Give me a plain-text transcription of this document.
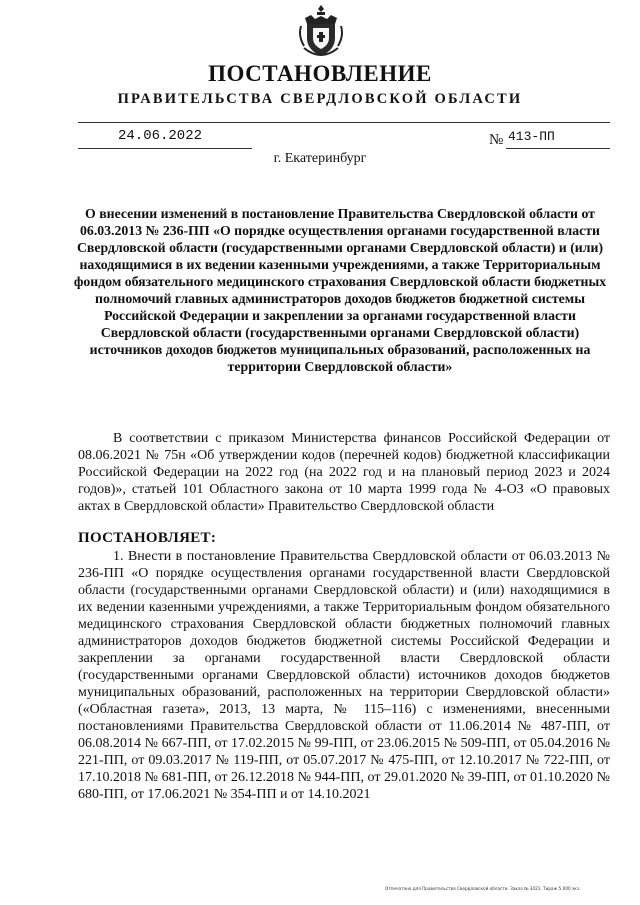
ПОСТАНОВЛЕНИЕ
ПРАВИТЕЛЬСТВА СВЕРДЛОВСКОЙ ОБЛАСТИ
24.06.2022	№ 413-ПП
г. Екатеринбург
О внесении изменений в постановление Правительства Свердловской области от 06.03.2013 № 236-ПП «О порядке осуществления органами государственной власти Свердловской области (государственными органами Свердловской области) и (или) находящимися в их ведении казенными учреждениями, а также Территориальным фондом обязательного медицинского страхования Свердловской области бюджетных полномочий главных администраторов доходов бюджетов бюджетной системы Российской Федерации и закреплении за органами государственной власти Свердловской области (государственными органами Свердловской области) источников доходов бюджетов муниципальных образований, расположенных на территории Свердловской области»
В соответствии с приказом Министерства финансов Российской Федерации от 08.06.2021 № 75н «Об утверждении кодов (перечней кодов) бюджетной классификации Российской Федерации на 2022 год (на 2022 год и на плановый период 2023 и 2024 годов)», статьей 101 Областного закона от 10 марта 1999 года № 4-ОЗ «О правовых актах в Свердловской области» Правительство Свердловской области
ПОСТАНОВЛЯЕТ:
1. Внести в постановление Правительства Свердловской области от 06.03.2013 № 236-ПП «О порядке осуществления органами государственной власти Свердловской области (государственными органами Свердловской области) и (или) находящимися в их ведении казенными учреждениями, а также Территориальным фондом обязательного медицинского страхования Свердловской области бюджетных полномочий главных администраторов доходов бюджетов бюджетной системы Российской Федерации и закреплении за органами государственной власти Свердловской области (государственными органами Свердловской области) источников доходов бюджетов муниципальных образований, расположенных на территории Свердловской области» («Областная газета», 2013, 13 марта, № 115–116) с изменениями, внесенными постановлениями Правительства Свердловской области от 11.06.2014 № 487-ПП, от 06.08.2014 № 667-ПП, от 17.02.2015 № 99-ПП, от 23.06.2015 № 509-ПП, от 05.04.2016 № 221-ПП, от 09.03.2017 № 119-ПП, от 05.07.2017 № 475-ПП, от 12.10.2017 № 722-ПП, от 17.10.2018 № 681-ПП, от 26.12.2018 № 944-ПП, от 29.01.2020 № 39-ПП, от 01.10.2020 № 680-ПП, от 17.06.2021 № 354-ПП и от 14.10.2021
Отпечатано для Правительства Свердловской области. Заказ № 3421. Тираж 5 000 экз.
